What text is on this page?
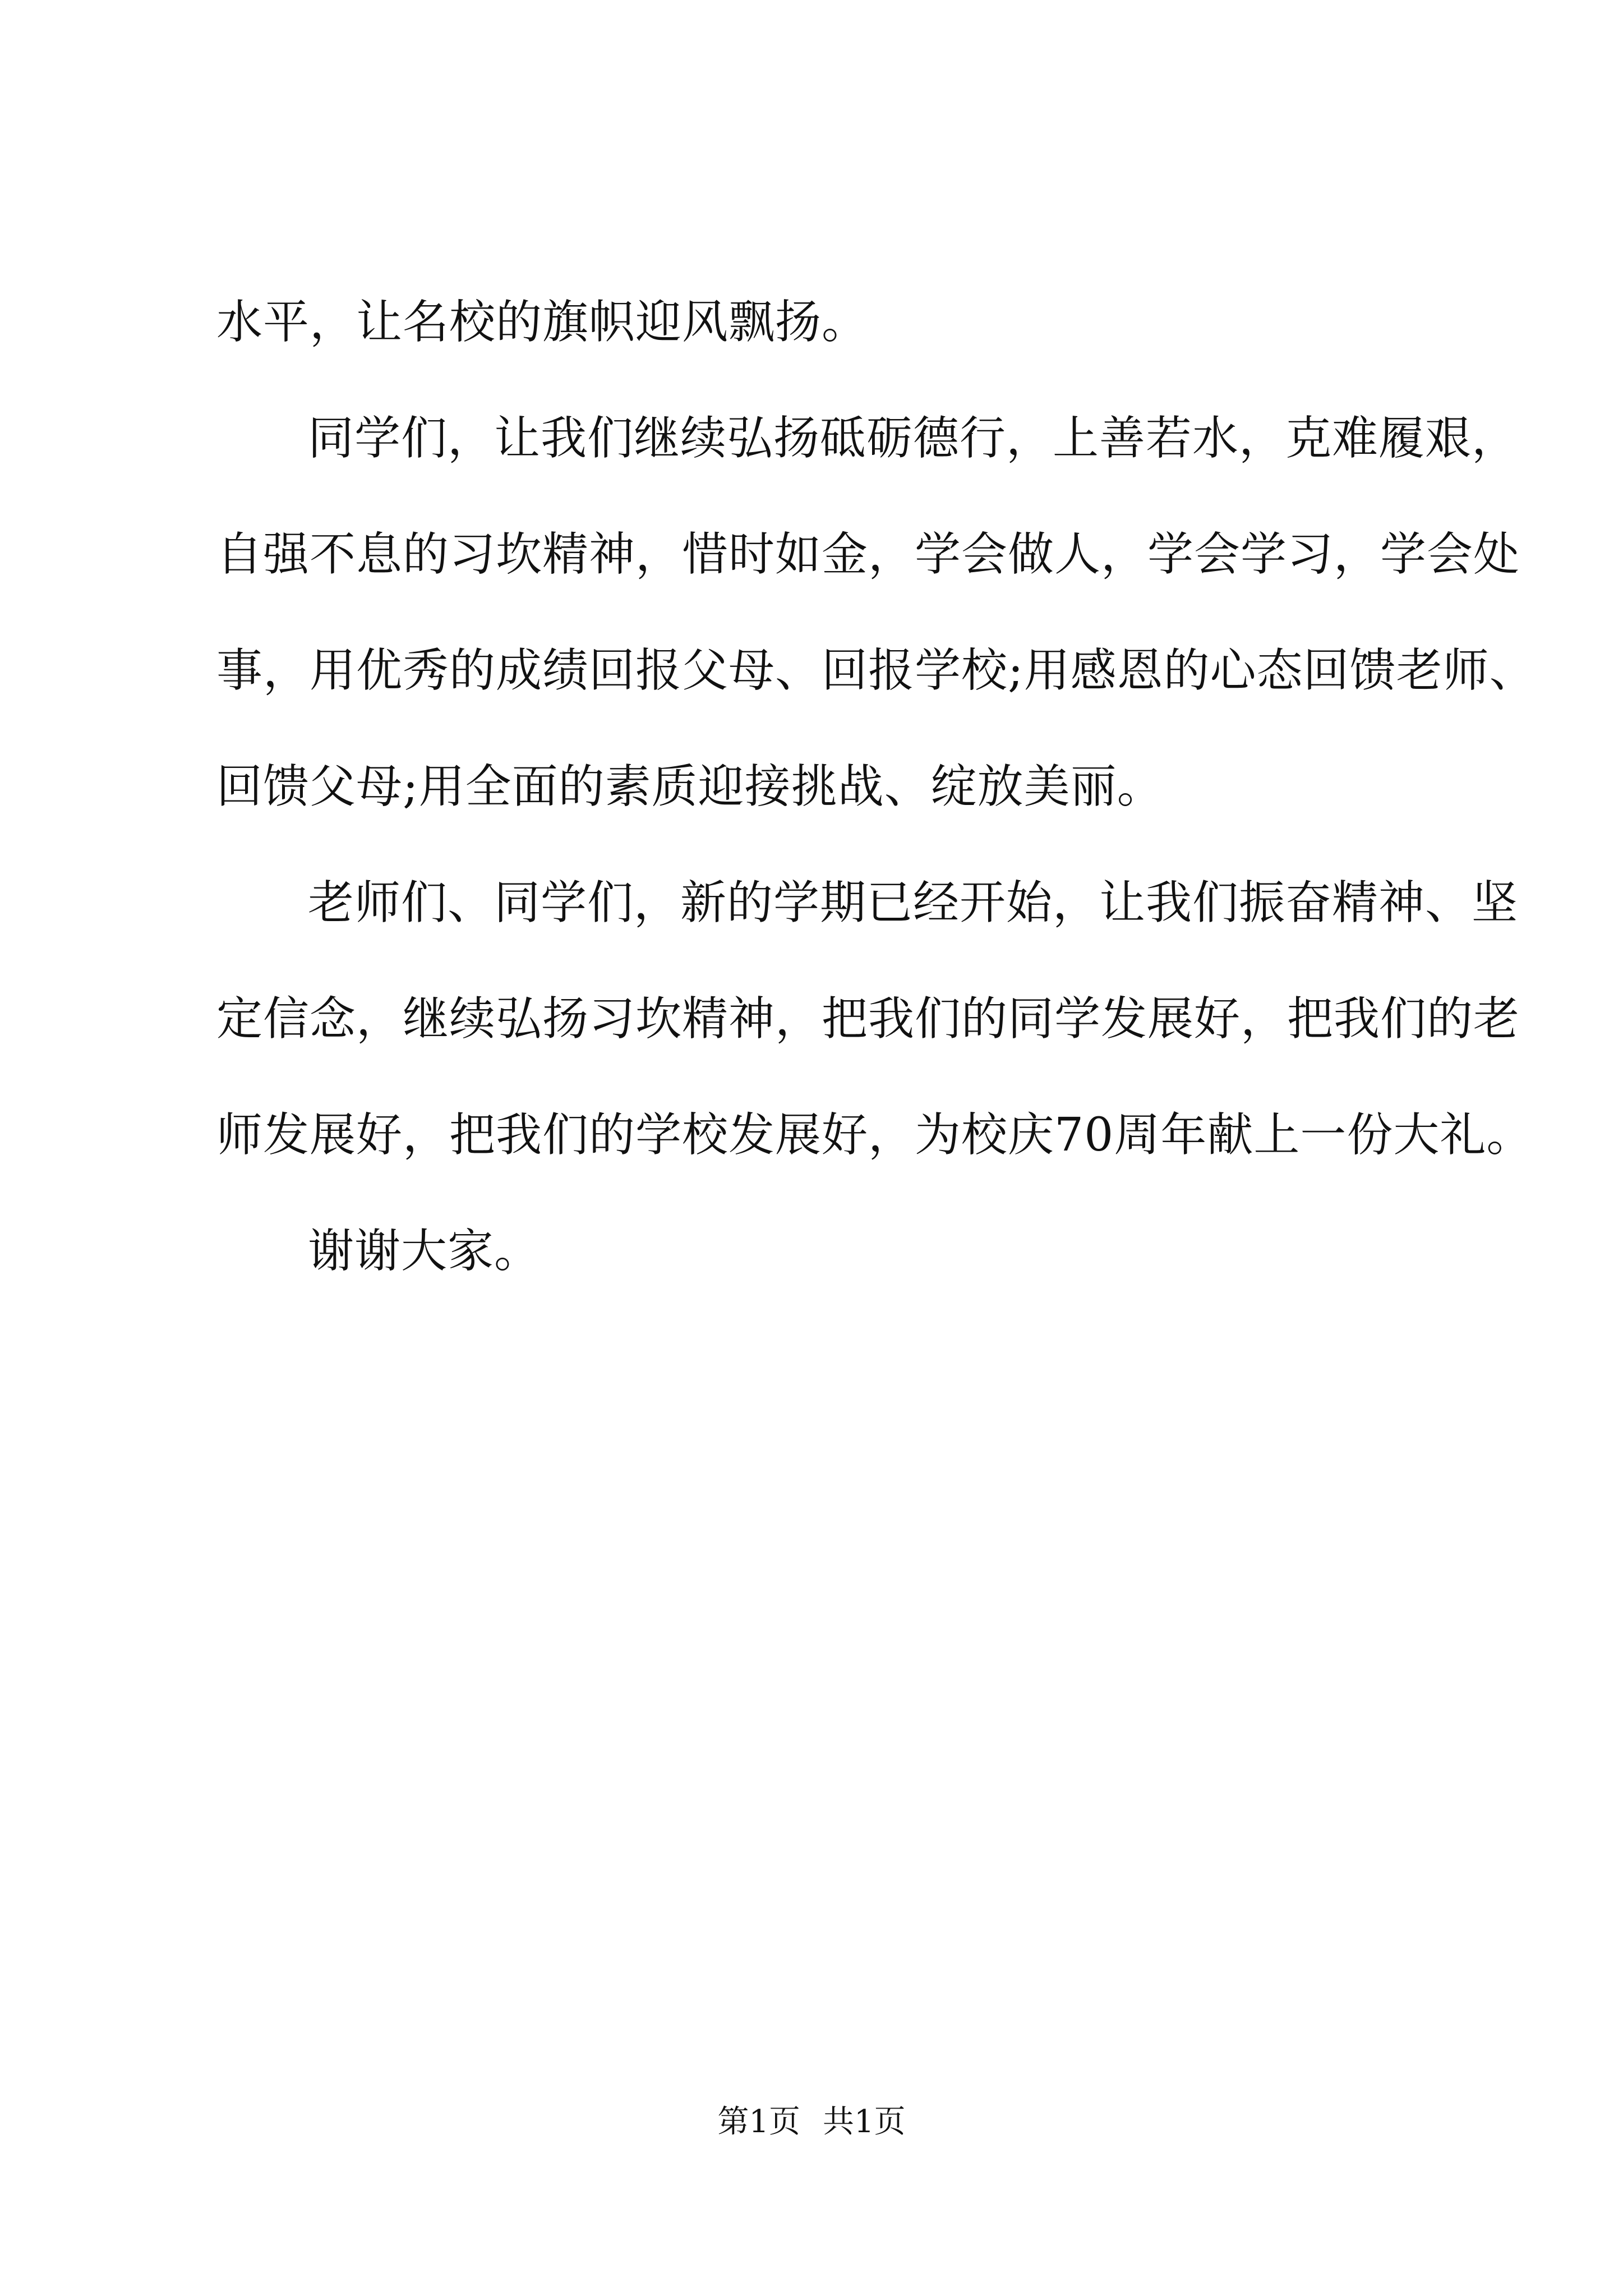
水平，让名校的旗帜迎风飘扬。
同学们，让我们继续弘扬砥砺德行，上善若水，克难履艰，
自强不息的习坎精神，惜时如金，学会做人，学会学习，学会处
事，用优秀的成绩回报父母、回报学校;用感恩的心态回馈老师、
回馈父母;用全面的素质迎接挑战、绽放美丽。
老师们、同学们，新的学期已经开始，让我们振奋精神、坚
定信念，继续弘扬习坎精神，把我们的同学发展好，把我们的老
师发展好，把我们的学校发展好，为校庆70周年献上一份大礼。
谢谢大家。
第1页 共1页
